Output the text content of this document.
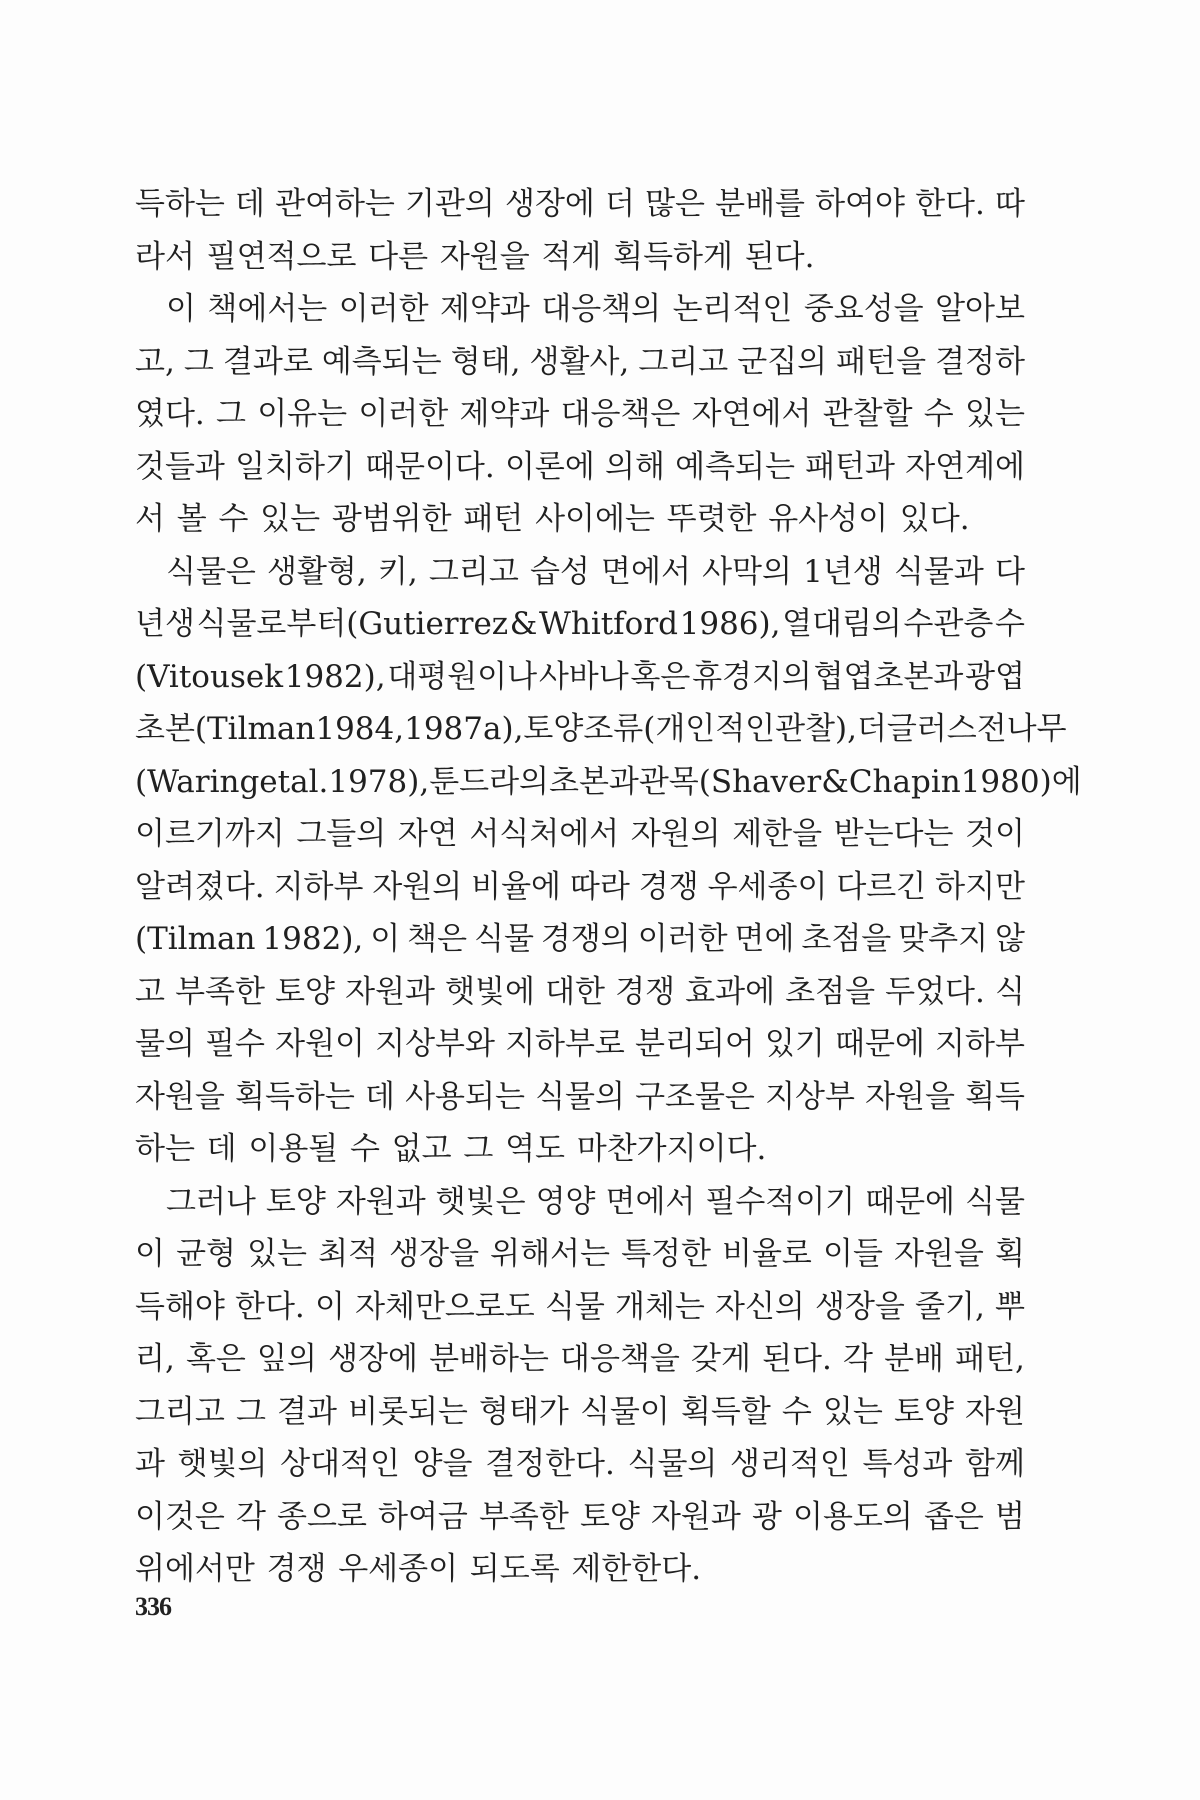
득하는 데 관여하는 기관의 생장에 더 많은 분배를 하여야 한다. 따
라서 필연적으로 다른 자원을 적게 획득하게 된다.
이 책에서는 이러한 제약과 대응책의 논리적인 중요성을 알아보
고, 그 결과로 예측되는 형태, 생활사, 그리고 군집의 패턴을 결정하
였다. 그 이유는 이러한 제약과 대응책은 자연에서 관찰할 수 있는
것들과 일치하기 때문이다. 이론에 의해 예측되는 패턴과 자연계에
서 볼 수 있는 광범위한 패턴 사이에는 뚜렷한 유사성이 있다.
식물은 생활형, 키, 그리고 습성 면에서 사막의 1년생 식물과 다
년생 식물로부터(Gutierrez & Whitford 1986), 열대림의 수관층 수
(Vitousek 1982), 대평원이나 사바나 혹은 휴경지의 협엽초본과 광엽
초본(Tilman 1984, 1987a), 토양 조류(개인적인 관찰), 더글러스전나무
(Waring et al.1978), 툰드라의 초본과 관목(Shaver & Chapin 1980)에
이르기까지 그들의 자연 서식처에서 자원의 제한을 받는다는 것이
알려졌다. 지하부 자원의 비율에 따라 경쟁 우세종이 다르긴 하지만
(Tilman 1982), 이 책은 식물 경쟁의 이러한 면에 초점을 맞추지 않
고 부족한 토양 자원과 햇빛에 대한 경쟁 효과에 초점을 두었다. 식
물의 필수 자원이 지상부와 지하부로 분리되어 있기 때문에 지하부
자원을 획득하는 데 사용되는 식물의 구조물은 지상부 자원을 획득
하는 데 이용될 수 없고 그 역도 마찬가지이다.
그러나 토양 자원과 햇빛은 영양 면에서 필수적이기 때문에 식물
이 균형 있는 최적 생장을 위해서는 특정한 비율로 이들 자원을 획
득해야 한다. 이 자체만으로도 식물 개체는 자신의 생장을 줄기, 뿌
리, 혹은 잎의 생장에 분배하는 대응책을 갖게 된다. 각 분배 패턴,
그리고 그 결과 비롯되는 형태가 식물이 획득할 수 있는 토양 자원
과 햇빛의 상대적인 양을 결정한다. 식물의 생리적인 특성과 함께
이것은 각 종으로 하여금 부족한 토양 자원과 광 이용도의 좁은 범
위에서만 경쟁 우세종이 되도록 제한한다.
336
